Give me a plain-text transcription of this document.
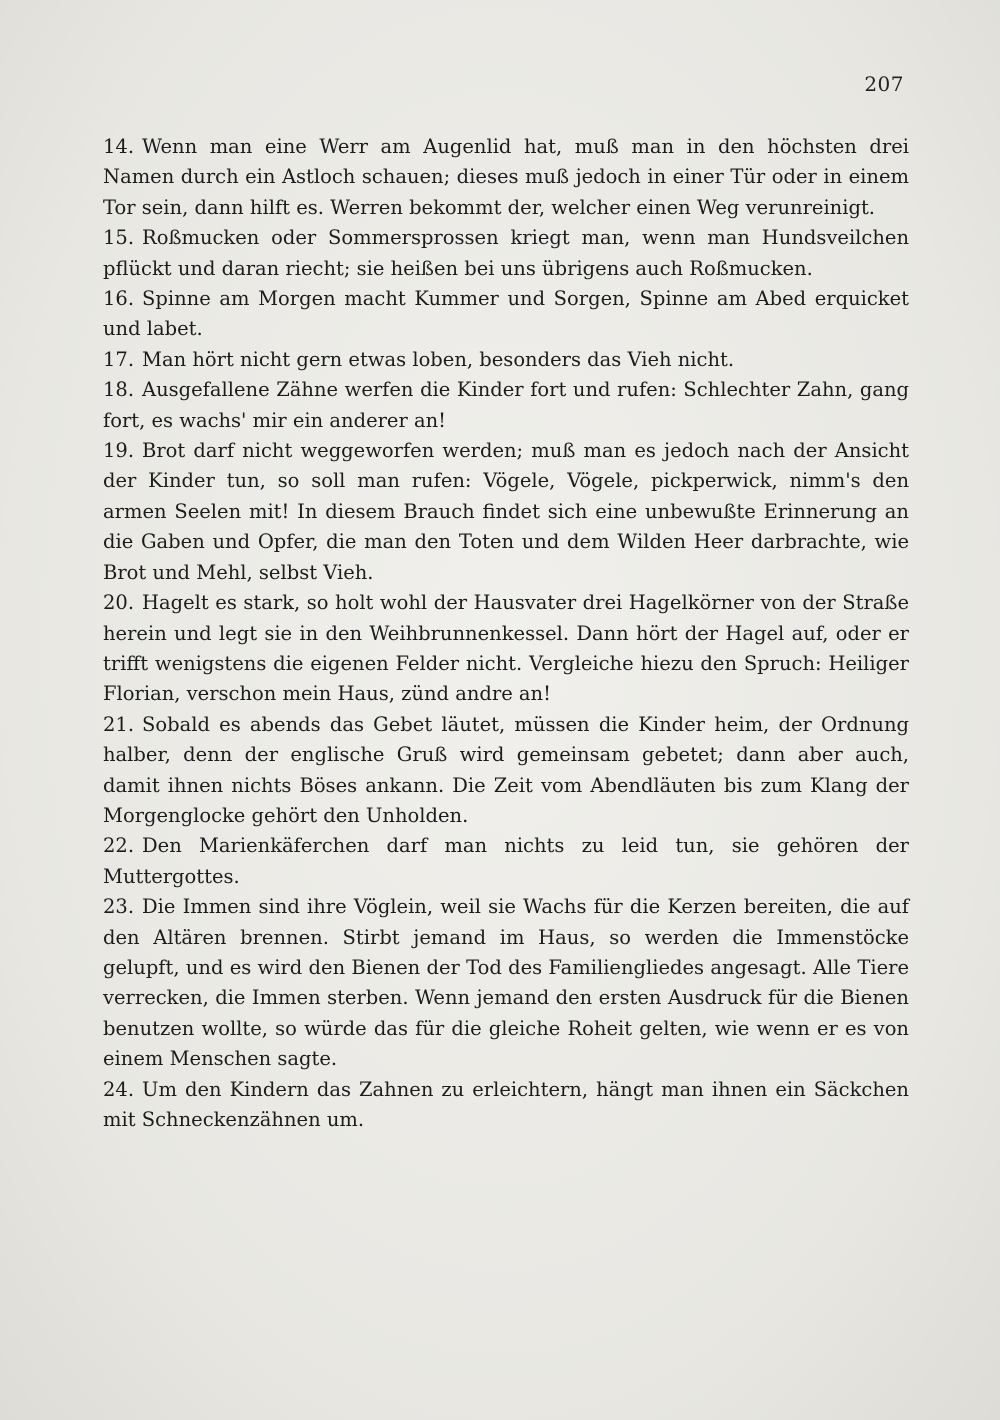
207

14. Wenn man eine Werr am Augenlid hat, muß man in den höchsten drei Namen durch ein Astloch schauen; dieses muß jedoch in einer Tür oder in einem Tor sein, dann hilft es. Werren bekommt der, welcher einen Weg verunreinigt.

15. Roßmucken oder Sommersprossen kriegt man, wenn man Hundsveilchen pflückt und daran riecht; sie heißen bei uns übrigens auch Roßmucken.

16. Spinne am Morgen macht Kummer und Sorgen, Spinne am Abed erquicket und labet.

17. Man hört nicht gern etwas loben, besonders das Vieh nicht.

18. Ausgefallene Zähne werfen die Kinder fort und rufen: Schlechter Zahn, gang fort, es wachs' mir ein anderer an!

19. Brot darf nicht weggeworfen werden; muß man es jedoch nach der Ansicht der Kinder tun, so soll man rufen: Vögele, Vögele, pickperwick, nimm's den armen Seelen mit! In diesem Brauch findet sich eine unbewußte Erinnerung an die Gaben und Opfer, die man den Toten und dem Wilden Heer darbrachte, wie Brot und Mehl, selbst Vieh.

20. Hagelt es stark, so holt wohl der Hausvater drei Hagelkörner von der Straße herein und legt sie in den Weihbrunnenkessel. Dann hört der Hagel auf, oder er trifft wenigstens die eigenen Felder nicht. Vergleiche hiezu den Spruch: Heiliger Florian, verschon mein Haus, zünd andre an!

21. Sobald es abends das Gebet läutet, müssen die Kinder heim, der Ordnung halber, denn der englische Gruß wird gemeinsam gebetet; dann aber auch, damit ihnen nichts Böses ankann. Die Zeit vom Abendläuten bis zum Klang der Morgenglocke gehört den Unholden.

22. Den Marienkäferchen darf man nichts zu leid tun, sie gehören der Muttergottes.

23. Die Immen sind ihre Vöglein, weil sie Wachs für die Kerzen bereiten, die auf den Altären brennen. Stirbt jemand im Haus, so werden die Immenstöcke gelupft, und es wird den Bienen der Tod des Familiengliedes angesagt. Alle Tiere verrecken, die Immen sterben. Wenn jemand den ersten Ausdruck für die Bienen benutzen wollte, so würde das für die gleiche Roheit gelten, wie wenn er es von einem Menschen sagte.

24. Um den Kindern das Zahnen zu erleichtern, hängt man ihnen ein Säckchen mit Schneckenzähnen um.
